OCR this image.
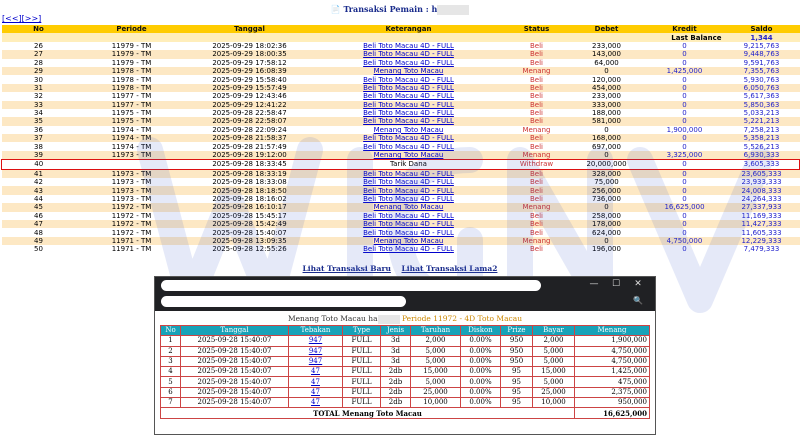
📄 Transaksi Pemain : h
[<<][>>]
No	Periode	Tanggal	Keterangan	Status	Debet	Kredit	Saldo	
						Last Balance	1,344	
26	11979 - TM	2025-09-29 18:02:36	Beli Toto Macau 4D - FULL	Beli	233,000	0	9,215,763	
27	11979 - TM	2025-09-29 18:00:35	Beli Toto Macau 4D - FULL	Beli	143,000	0	9,448,763	
28	11979 - TM	2025-09-29 17:58:12	Beli Toto Macau 4D - FULL	Beli	64,000	0	9,591,763	
29	11978 - TM	2025-09-29 16:08:39	Menang Toto Macau	Menang	0	1,425,000	7,355,763	
30	11978 - TM	2025-09-29 15:58:40	Beli Toto Macau 4D - FULL	Beli	120,000	0	5,930,763	
31	11978 - TM	2025-09-29 15:57:49	Beli Toto Macau 4D - FULL	Beli	454,000	0	6,050,763	
32	11977 - TM	2025-09-29 12:43:46	Beli Toto Macau 4D - FULL	Beli	233,000	0	5,617,363	
33	11977 - TM	2025-09-29 12:41:22	Beli Toto Macau 4D - FULL	Beli	333,000	0	5,850,363	
34	11975 - TM	2025-09-28 22:58:47	Beli Toto Macau 4D - FULL	Beli	188,000	0	5,033,213	
35	11975 - TM	2025-09-28 22:58:07	Beli Toto Macau 4D - FULL	Beli	581,000	0	5,221,213	
36	11974 - TM	2025-09-28 22:09:24	Menang Toto Macau	Menang	0	1,900,000	7,258,213	
37	11974 - TM	2025-09-28 21:58:37	Beli Toto Macau 4D - FULL	Beli	168,000	0	5,358,213	
38	11974 - TM	2025-09-28 21:57:49	Beli Toto Macau 4D - FULL	Beli	697,000	0	5,526,213	
39	11973 - TM	2025-09-28 19:12:00	Menang Toto Macau	Menang	0	3,325,000	6,930,333	
40		2025-09-28 18:33:45	Tarik Dana	Withdraw	20,000,000	0	3,605,333	
41	11973 - TM	2025-09-28 18:33:19	Beli Toto Macau 4D - FULL	Beli	328,000	0	23,605,333	
42	11973 - TM	2025-09-28 18:33:08	Beli Toto Macau 4D - FULL	Beli	75,000	0	23,933,333	
43	11973 - TM	2025-09-28 18:18:50	Beli Toto Macau 4D - FULL	Beli	256,000	0	24,008,333	
44	11973 - TM	2025-09-28 18:16:02	Beli Toto Macau 4D - FULL	Beli	736,000	0	24,264,333	
45	11972 - TM	2025-09-28 16:10:17	Menang Toto Macau	Menang	0	16,625,000	27,337,933	
46	11972 - TM	2025-09-28 15:45:17	Beli Toto Macau 4D - FULL	Beli	258,000	0	11,169,333	
47	11972 - TM	2025-09-28 15:42:49	Beli Toto Macau 4D - FULL	Beli	178,000	0	11,427,333	
48	11972 - TM	2025-09-28 15:40:07	Beli Toto Macau 4D - FULL	Beli	624,000	0	11,605,333	
49	11971 - TM	2025-09-28 13:09:35	Menang Toto Macau	Menang	0	4,750,000	12,229,333	
50	11971 - TM	2025-09-28 12:55:26	Beli Toto Macau 4D - FULL	Beli	196,000	0	7,479,333	
Lihat Transaksi Baru Lihat Transaksi Lama2
— ☐ ✕
🔍
Menang Toto Macau ha	Periode 11972 - 4D Toto Macau
No	Tanggal	Tebakan	Type	Jenis	Taruhan	Diskon	Prize	Bayar	Menang
1	2025-09-28 15:40:07	947	FULL	3d	2,000	0.00%	950	2,000	1,900,000
2	2025-09-28 15:40:07	947	FULL	3d	5,000	0.00%	950	5,000	4,750,000
3	2025-09-28 15:40:07	947	FULL	3d	5,000	0.00%	950	5,000	4,750,000
4	2025-09-28 15:40:07	47	FULL	2db	15,000	0.00%	95	15,000	1,425,000
5	2025-09-28 15:40:07	47	FULL	2db	5,000	0.00%	95	5,000	475,000
6	2025-09-28 15:40:07	47	FULL	2db	25,000	0.00%	95	25,000	2,375,000
7	2025-09-28 15:40:07	47	FULL	2db	10,000	0.00%	95	10,000	950,000
TOTAL Menang Toto Macau									16,625,000
